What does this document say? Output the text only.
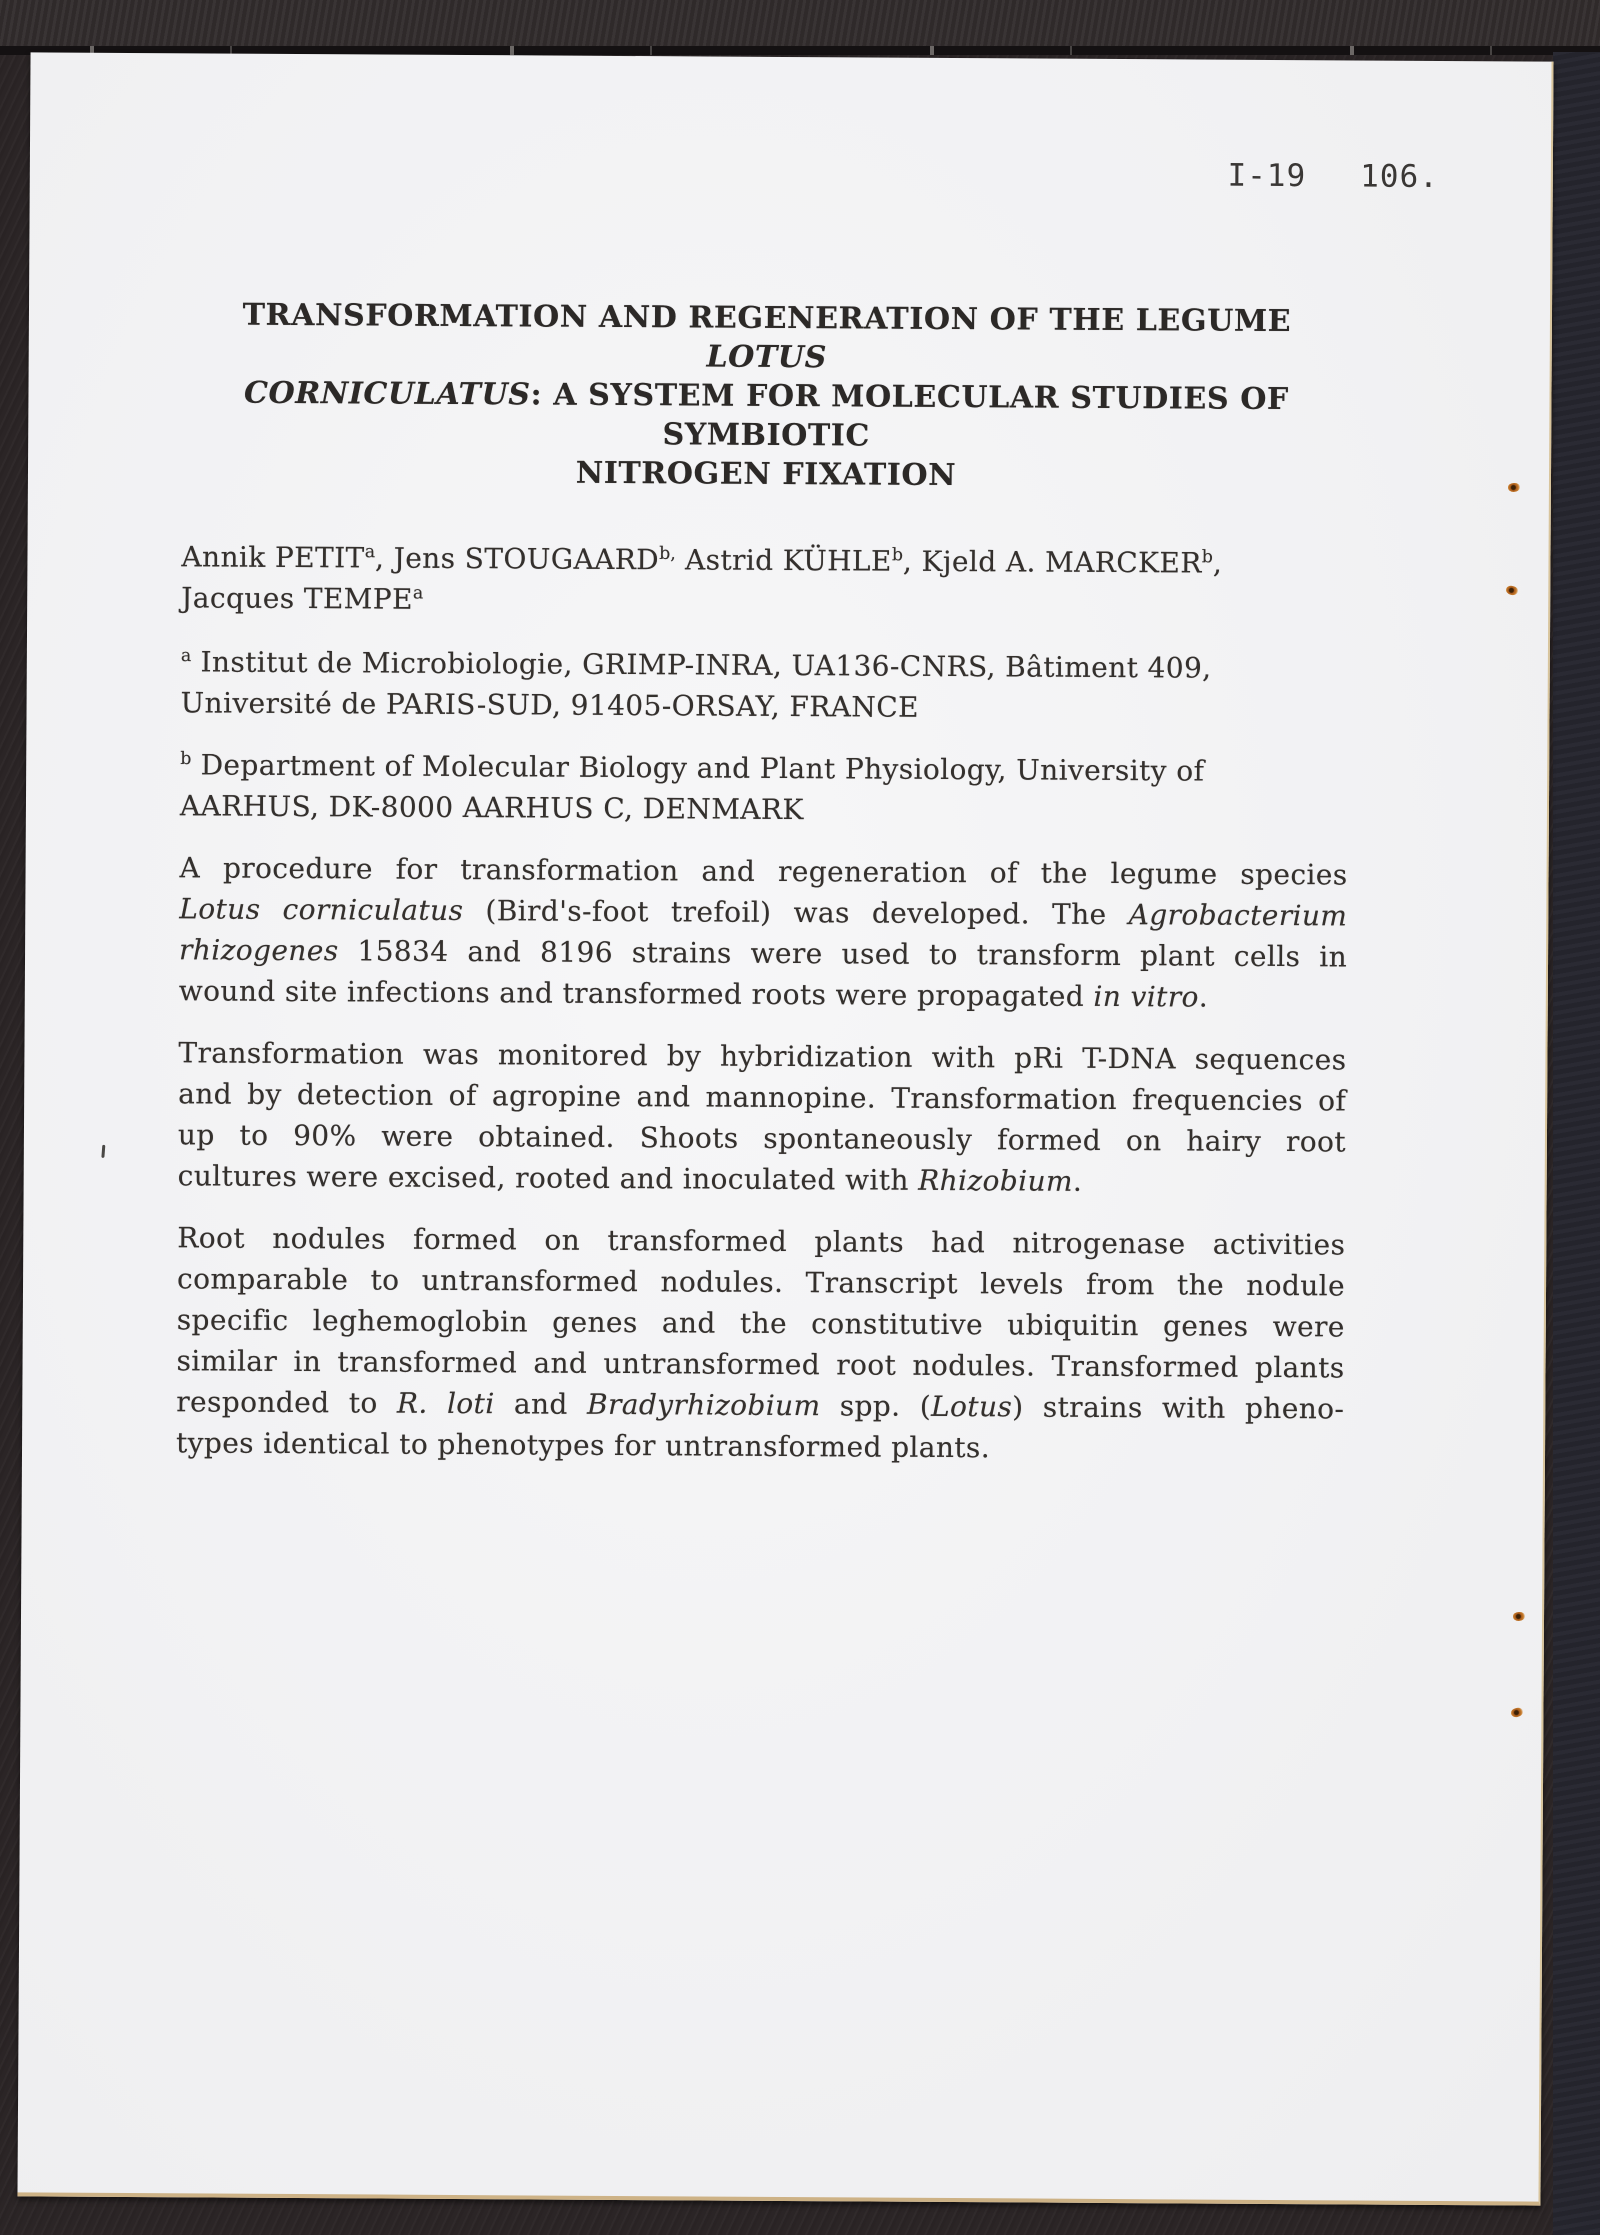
I-19 106.
TRANSFORMATION AND REGENERATION OF THE LEGUME LOTUS
CORNICULATUS: A SYSTEM FOR MOLECULAR STUDIES OF SYMBIOTIC
NITROGEN FIXATION
Annik PETIT$^a$, Jens $STOUGAARD^{b,}$ Astrid KÜHLE$^b$, Kjeld A. MARCKER$^b$,
Jacques TEMPE$^a$
$^a$ Institut de Microbiologie, GRIMP-INRA, UA136-CNRS, Bâtiment 409,
Université de PARIS-SUD, 91405-ORSAY, FRANCE
$^b$ Department of Molecular Biology and Plant Physiology, University of
AARHUS, DK-8000 AARHUS C, DENMARK
A procedure for transformation and regeneration of the legume species
Lotus corniculatus (Bird's-foot trefoil) was developed. The Agrobacterium
rhizogenes 15834 and 8196 strains were used to transform plant cells in
wound site infections and transformed roots were propagated in vitro.
Transformation was monitored by hybridization with pRi T-DNA sequences
and by detection of agropine and mannopine. Transformation frequencies of
up to 90% were obtained. Shoots spontaneously formed on hairy root
cultures were excised, rooted and inoculated with Rhizobium.
Root nodules formed on transformed plants had nitrogenase activities
comparable to untransformed nodules. Transcript levels from the nodule
specific leghemoglobin genes and the constitutive ubiquitin genes were
similar in transformed and untransformed root nodules. Transformed plants
responded to R. loti and Bradyrhizobium spp. (Lotus) strains with pheno-
types identical to phenotypes for untransformed plants.
